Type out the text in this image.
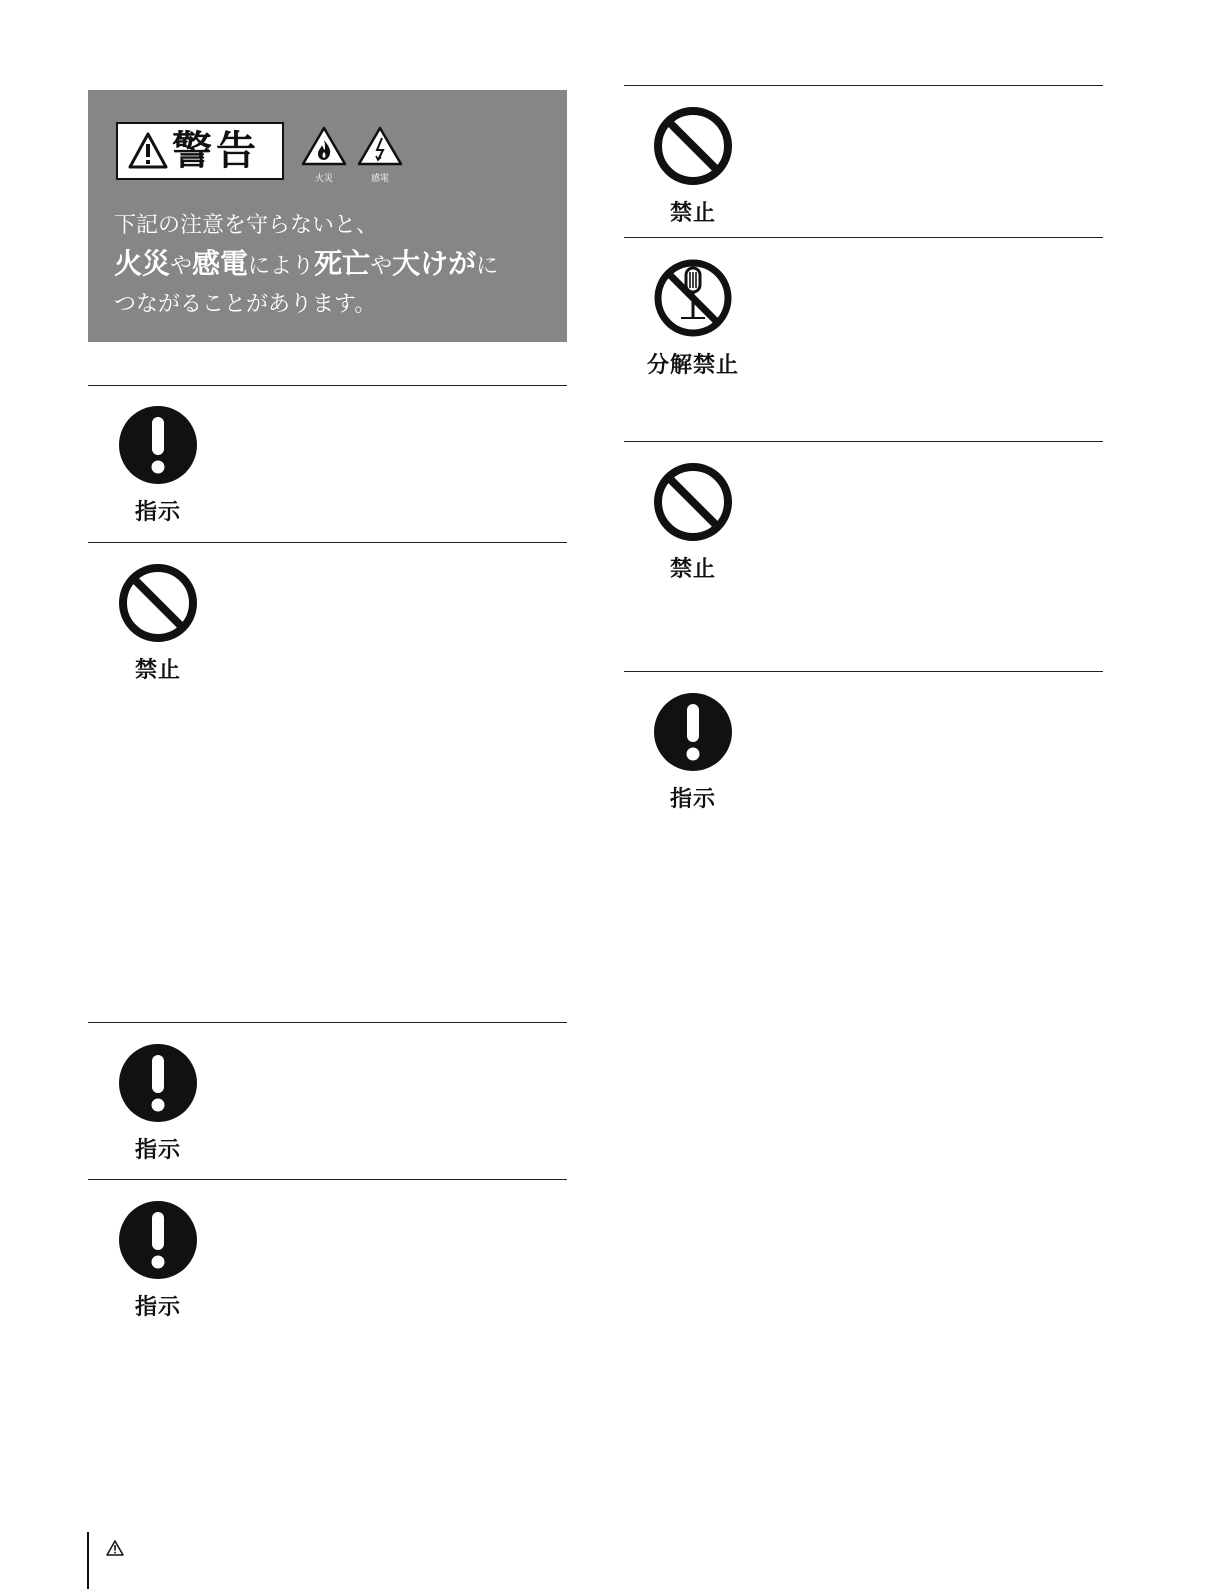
警告
火災	感電
下記の注意を守らないと、
火災や感電により死亡や大けがに
つながることがあります。
指示
禁止
指示
指示
禁止
分解禁止
禁止
指示
